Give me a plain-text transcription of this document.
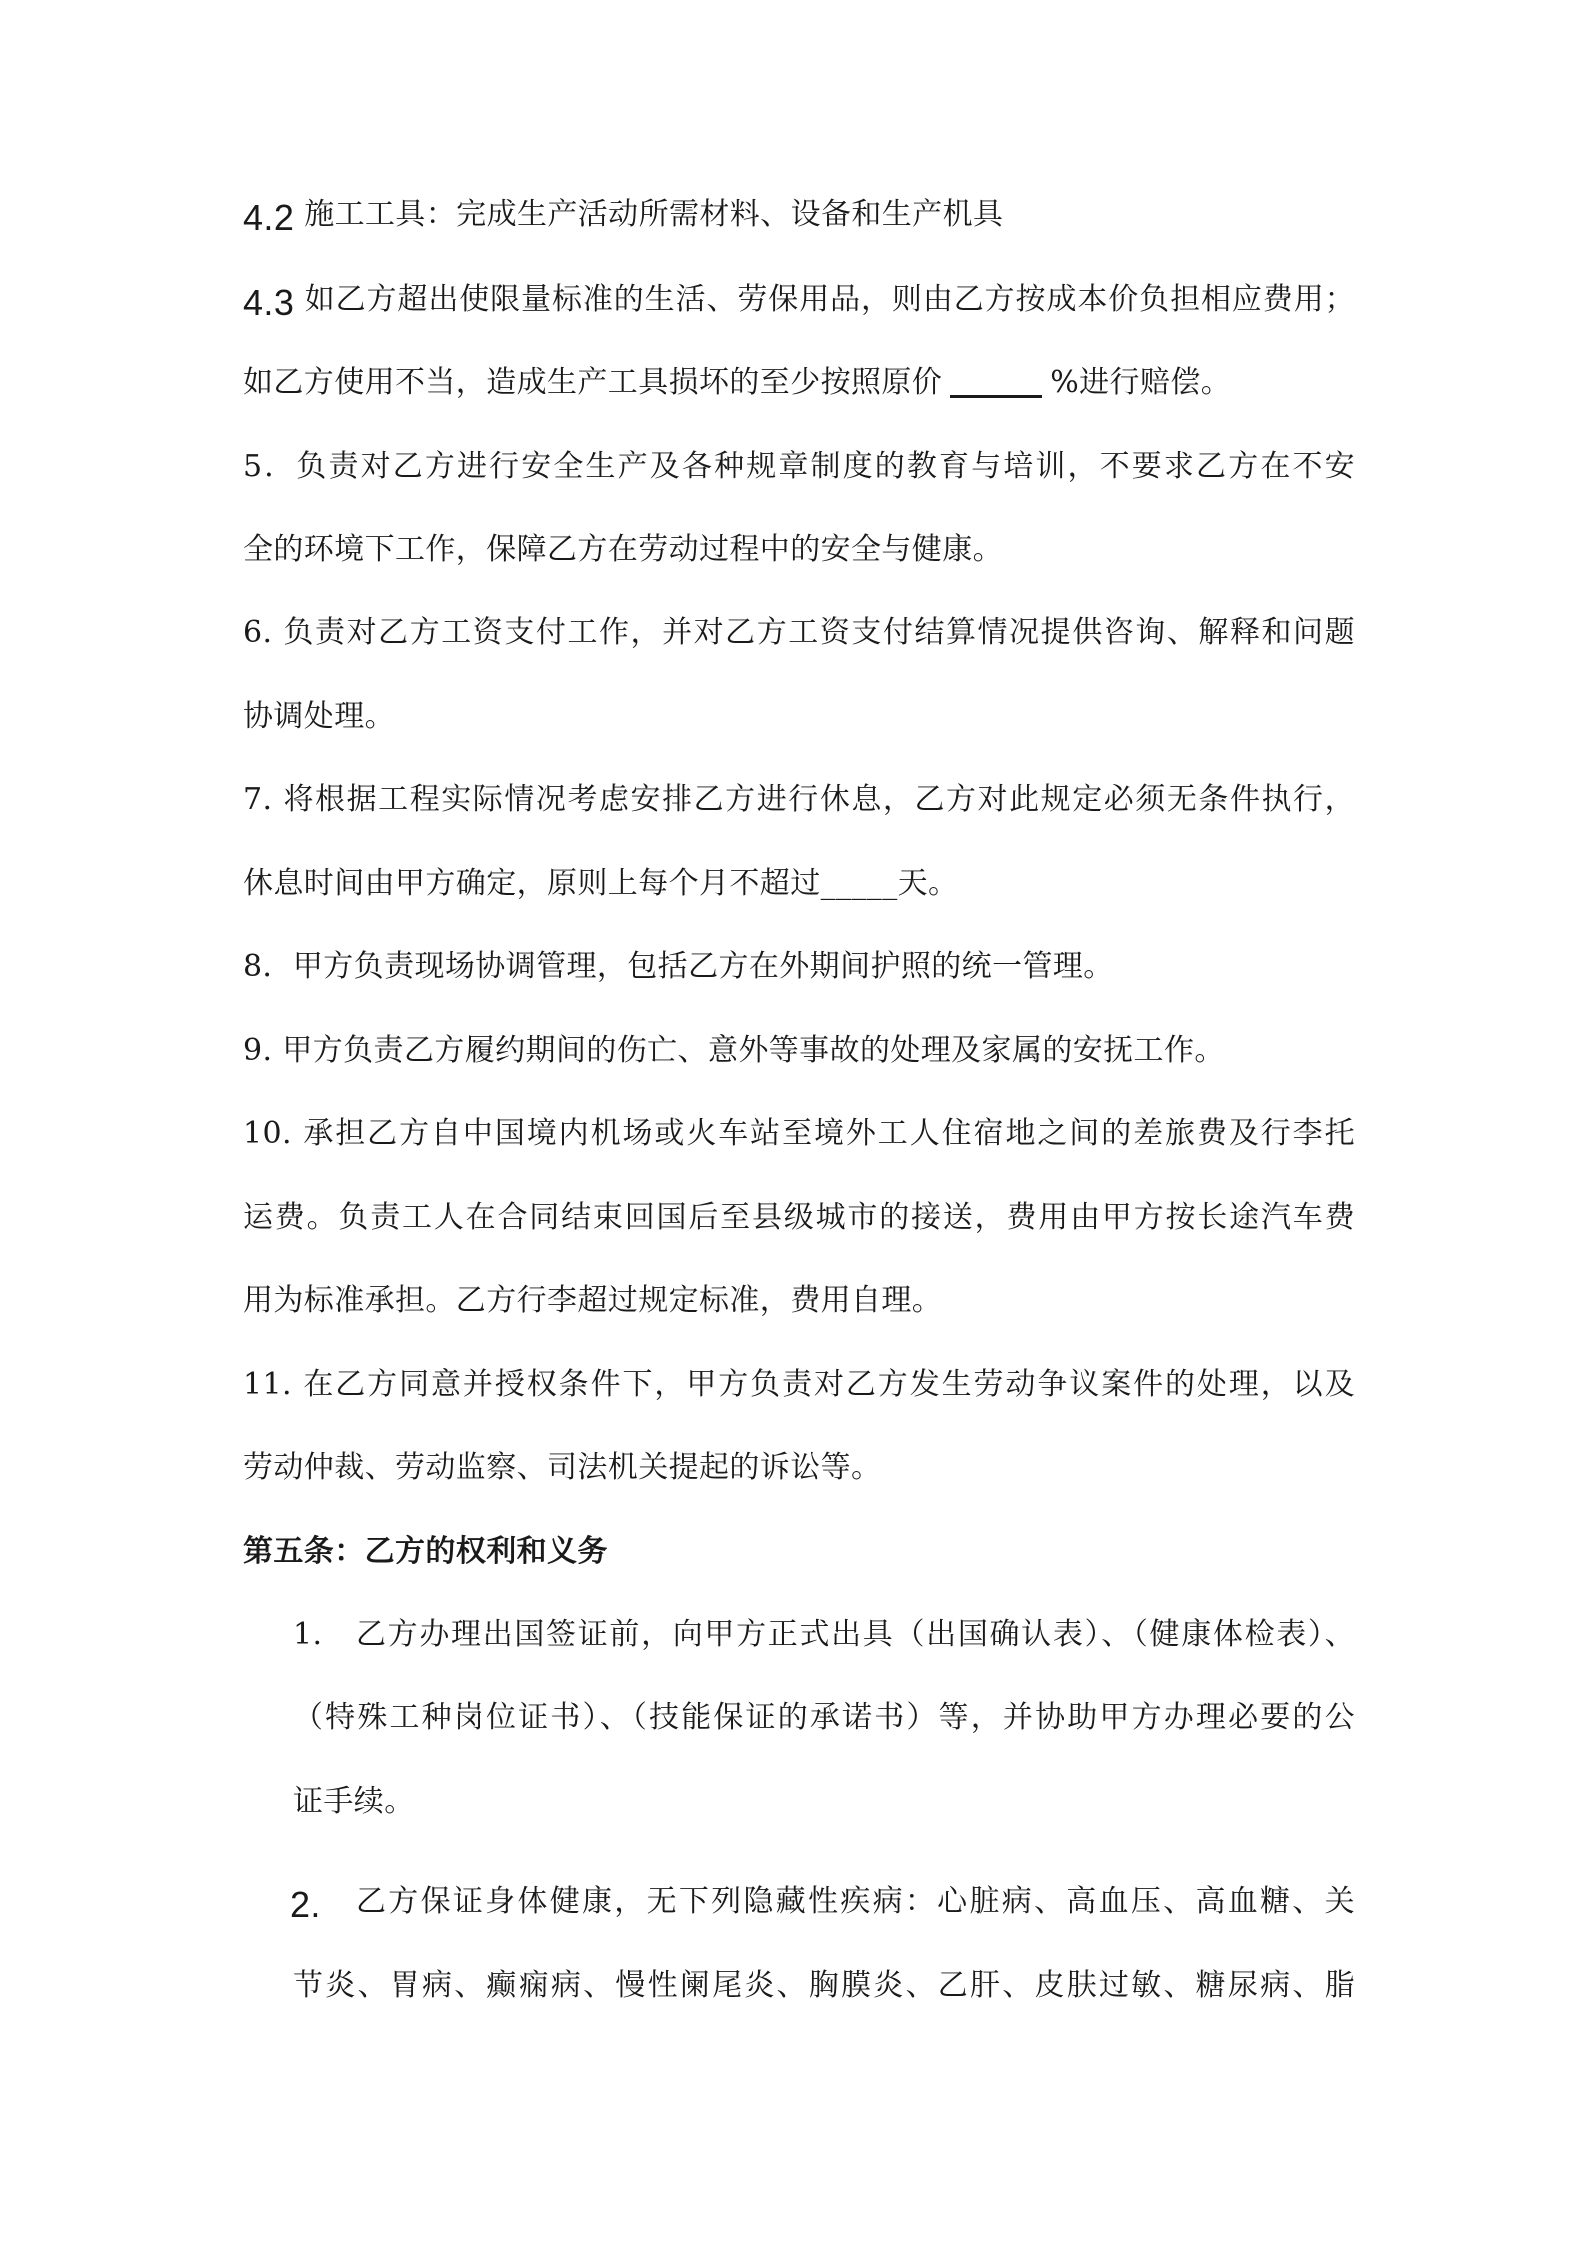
4.2 施工工具：完成生产活动所需材料、设备和生产机具
4.3 如乙方超出使限量标准的生活、劳保用品，则由乙方按成本价负担相应费用；
如乙方使用不当，造成生产工具损坏的至少按照原价	%进行赔偿。
5．负责对乙方进行安全生产及各种规章制度的教育与培训，不要求乙方在不安
全的环境下工作，保障乙方在劳动过程中的安全与健康。
6. 负责对乙方工资支付工作，并对乙方工资支付结算情况提供咨询、解释和问题
协调处理。
7. 将根据工程实际情况考虑安排乙方进行休息，乙方对此规定必须无条件执行，
休息时间由甲方确定，原则上每个月不超过_____天。
8．甲方负责现场协调管理，包括乙方在外期间护照的统一管理。
9. 甲方负责乙方履约期间的伤亡、意外等事故的处理及家属的安抚工作。
10. 承担乙方自中国境内机场或火车站至境外工人住宿地之间的差旅费及行李托
运费。负责工人在合同结束回国后至县级城市的接送，费用由甲方按长途汽车费
用为标准承担。乙方行李超过规定标准，费用自理。
11. 在乙方同意并授权条件下，甲方负责对乙方发生劳动争议案件的处理，以及
劳动仲裁、劳动监察、司法机关提起的诉讼等。
第五条：乙方的权利和义务
1. 乙方办理出国签证前，向甲方正式出具（出国确认表）、（健康体检表）、
（特殊工种岗位证书）、（技能保证的承诺书）等，并协助甲方办理必要的公
证手续。
2. 乙方保证身体健康，无下列隐藏性疾病：心脏病、高血压、高血糖、关
节炎、胃病、癫痫病、慢性阑尾炎、胸膜炎、乙肝、皮肤过敏、糖尿病、脂
